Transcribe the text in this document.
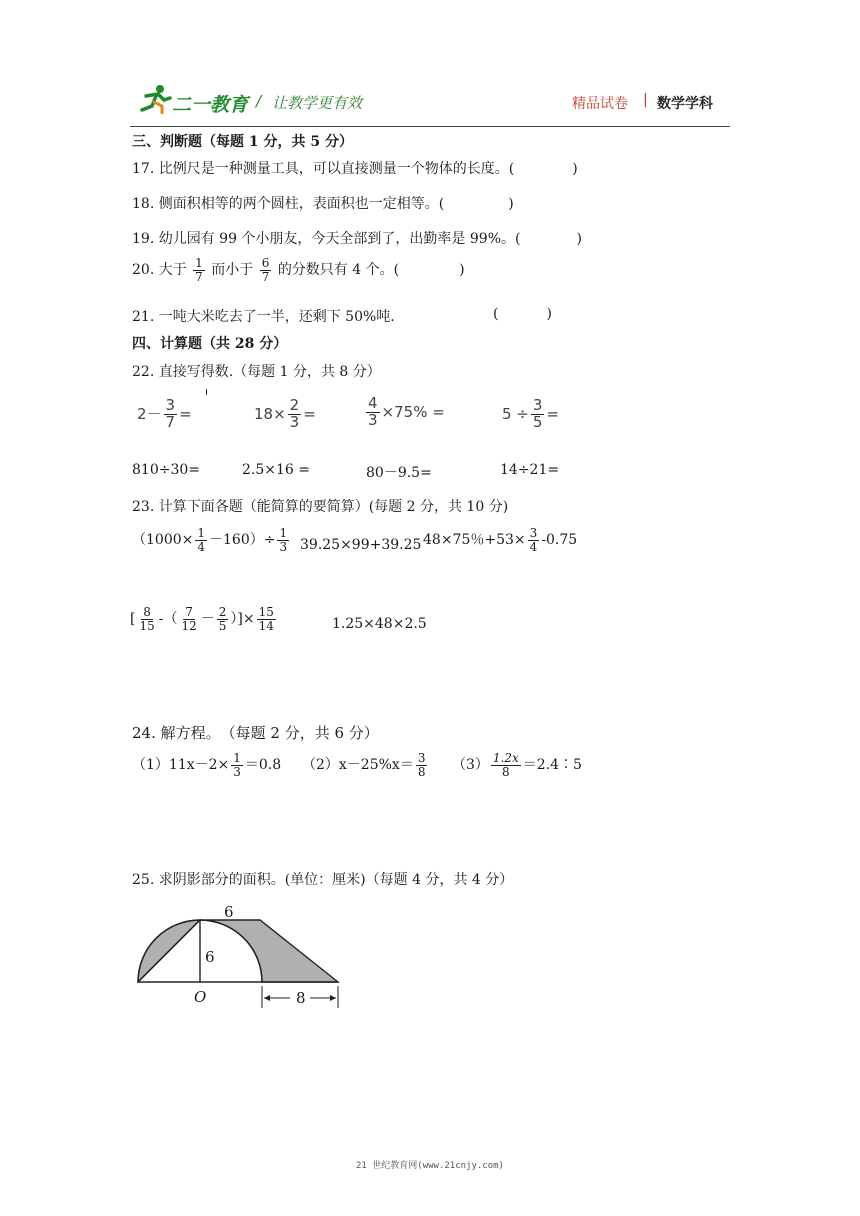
二一教育 / 让教学更有效	精品试卷 | 数学学科
三、判断题（每题 1 分，共 5 分）
17. 比例尺是一种测量工具，可以直接测量一个物体的长度。(	)
18. 侧面积相等的两个圆柱，表面积也一定相等。(	)
19. 幼儿园有 99 个小朋友，今天全部到了，出勤率是 99%。(	)
20. 大于 $\frac{1}{7}$ 而小于 $\frac{6}{7}$ 的分数只有 4 个。(	)
21. 一吨大米吃去了一半，还剩下 50%吨.	(	)
四、计算题（共 28 分）
22. 直接写得数.（每题 1 分，共 8 分）
$2- \frac{3}{7}$ =	$18\times \frac{2}{3}$ =	$\frac{4}{3} \times 75\%$ =	$5 \div \frac{3}{5}$ =
810÷30=	2.5×16 =	80－9.5=	14÷21=
23. 计算下面各题（能简算的要简算）(每题 2 分，共 10 分)
$(1000\times \frac{1}{4} -160)\div \frac{1}{3} 39.25\times 99+39.25$ 48×75％$+53\times \frac{3}{4} -0.75$
[ $\frac{8}{15}$ -（ $\frac{7}{12} - \frac{2}{5}$ ）]× $\frac{15}{14}$	1.25×48×2.5
24. 解方程。　（每题 2 分，共 6 分）
$(1)11x-2\times \frac{1}{3} =0.8$ $(2)x-25\%x= \frac{3}{8} (3) \frac{1.2x}{8}$ ＝2.4∶5
25. 求阴影部分的面积。(单位：厘米)（每题 4 分，共 4 分）
6
6
O	8
21 世纪教育网(www.21cnjy.com)
